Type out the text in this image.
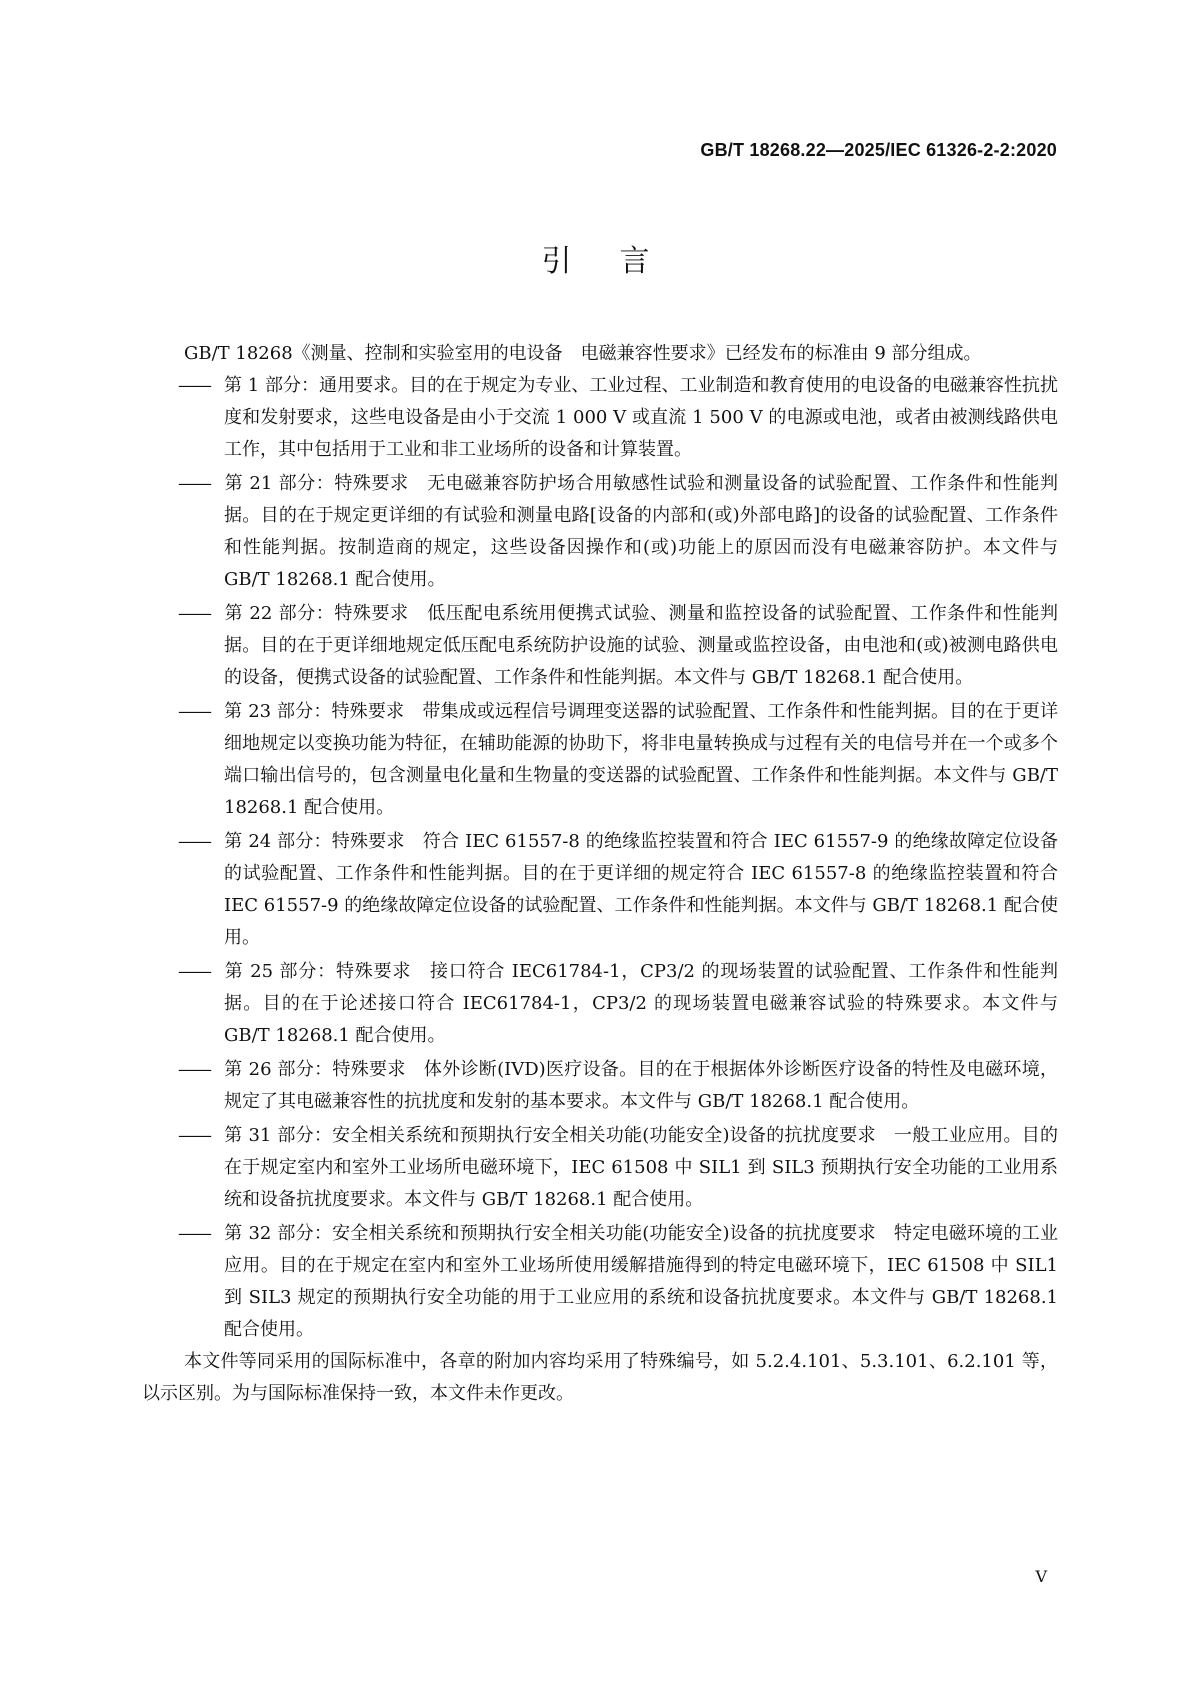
GB/T 18268.22—2025/IEC 61326-2-2:2020
引言

GB/T 18268《测量、控制和实验室用的电设备　电磁兼容性要求》已经发布的标准由 9 部分组成。

—— 第 1 部分：通用要求。目的在于规定为专业、工业过程、工业制造和教育使用的电设备的电磁兼容性抗扰度和发射要求，这些电设备是由小于交流 1 000 V 或直流 1 500 V 的电源或电池，或者由被测线路供电工作，其中包括用于工业和非工业场所的设备和计算装置。

—— 第 21 部分：特殊要求　无电磁兼容防护场合用敏感性试验和测量设备的试验配置、工作条件和性能判据。目的在于规定更详细的有试验和测量电路[设备的内部和(或)外部电路]的设备的试验配置、工作条件和性能判据。按制造商的规定，这些设备因操作和(或)功能上的原因而没有电磁兼容防护。本文件与 GB/T 18268.1 配合使用。

—— 第 22 部分：特殊要求　低压配电系统用便携式试验、测量和监控设备的试验配置、工作条件和性能判据。目的在于更详细地规定低压配电系统防护设施的试验、测量或监控设备，由电池和(或)被测电路供电的设备，便携式设备的试验配置、工作条件和性能判据。本文件与 GB/T 18268.1 配合使用。

—— 第 23 部分：特殊要求　带集成或远程信号调理变送器的试验配置、工作条件和性能判据。目的在于更详细地规定以变换功能为特征，在辅助能源的协助下，将非电量转换成与过程有关的电信号并在一个或多个端口输出信号的，包含测量电化量和生物量的变送器的试验配置、工作条件和性能判据。本文件与 GB/T 18268.1 配合使用。

—— 第 24 部分：特殊要求　符合 IEC 61557-8 的绝缘监控装置和符合 IEC 61557-9 的绝缘故障定位设备的试验配置、工作条件和性能判据。目的在于更详细的规定符合 IEC 61557-8 的绝缘监控装置和符合 IEC 61557-9 的绝缘故障定位设备的试验配置、工作条件和性能判据。本文件与 GB/T 18268.1 配合使用。

—— 第 25 部分：特殊要求　接口符合 IEC61784-1，CP3/2 的现场装置的试验配置、工作条件和性能判据。目的在于论述接口符合 IEC61784-1，CP3/2 的现场装置电磁兼容试验的特殊要求。本文件与 GB/T 18268.1 配合使用。

—— 第 26 部分：特殊要求　体外诊断(IVD)医疗设备。目的在于根据体外诊断医疗设备的特性及电磁环境，规定了其电磁兼容性的抗扰度和发射的基本要求。本文件与 GB/T 18268.1 配合使用。

—— 第 31 部分：安全相关系统和预期执行安全相关功能(功能安全)设备的抗扰度要求　一般工业应用。目的在于规定室内和室外工业场所电磁环境下，IEC 61508 中 SIL1 到 SIL3 预期执行安全功能的工业用系统和设备抗扰度要求。本文件与 GB/T 18268.1 配合使用。

—— 第 32 部分：安全相关系统和预期执行安全相关功能(功能安全)设备的抗扰度要求　特定电磁环境的工业应用。目的在于规定在室内和室外工业场所使用缓解措施得到的特定电磁环境下，IEC 61508 中 SIL1 到 SIL3 规定的预期执行安全功能的用于工业应用的系统和设备抗扰度要求。本文件与 GB/T 18268.1 配合使用。

本文件等同采用的国际标准中，各章的附加内容均采用了特殊编号，如 5.2.4.101、5.3.101、6.2.101 等，以示区别。为与国际标准保持一致，本文件未作更改。

V
